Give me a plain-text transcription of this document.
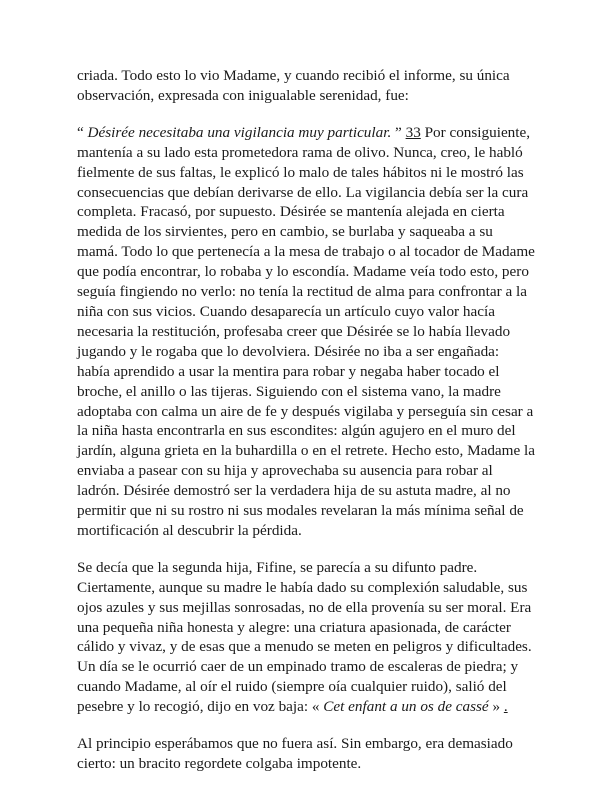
criada. Todo esto lo vio Madame, y cuando recibió el informe, su única observación, expresada con inigualable serenidad, fue:

“ Désirée necesitaba una vigilancia muy particular. ” 33 Por consiguiente, mantenía a su lado esta prometedora rama de olivo. Nunca, creo, le habló fielmente de sus faltas, le explicó lo malo de tales hábitos ni le mostró las consecuencias que debían derivarse de ello. La vigilancia debía ser la cura completa. Fracasó, por supuesto. Désirée se mantenía alejada en cierta medida de los sirvientes, pero en cambio, se burlaba y saqueaba a su mamá. Todo lo que pertenecía a la mesa de trabajo o al tocador de Madame que podía encontrar, lo robaba y lo escondía. Madame veía todo esto, pero seguía fingiendo no verlo: no tenía la rectitud de alma para confrontar a la niña con sus vicios. Cuando desaparecía un artículo cuyo valor hacía necesaria la restitución, profesaba creer que Désirée se lo había llevado jugando y le rogaba que lo devolviera. Désirée no iba a ser engañada: había aprendido a usar la mentira para robar y negaba haber tocado el broche, el anillo o las tijeras. Siguiendo con el sistema vano, la madre adoptaba con calma un aire de fe y después vigilaba y perseguía sin cesar a la niña hasta encontrarla en sus escondites: algún agujero en el muro del jardín, alguna grieta en la buhardilla o en el retrete. Hecho esto, Madame la enviaba a pasear con su hija y aprovechaba su ausencia para robar al ladrón. Désirée demostró ser la verdadera hija de su astuta madre, al no permitir que ni su rostro ni sus modales revelaran la más mínima señal de mortificación al descubrir la pérdida.

Se decía que la segunda hija, Fifine, se parecía a su difunto padre. Ciertamente, aunque su madre le había dado su complexión saludable, sus ojos azules y sus mejillas sonrosadas, no de ella provenía su ser moral. Era una pequeña niña honesta y alegre: una criatura apasionada, de carácter cálido y vivaz, y de esas que a menudo se meten en peligros y dificultades. Un día se le ocurrió caer de un empinado tramo de escaleras de piedra; y cuando Madame, al oír el ruido (siempre oía cualquier ruido), salió del pesebre y lo recogió, dijo en voz baja: « Cet enfant a un os de cassé » .

Al principio esperábamos que no fuera así. Sin embargo, era demasiado cierto: un bracito regordete colgaba impotente.
